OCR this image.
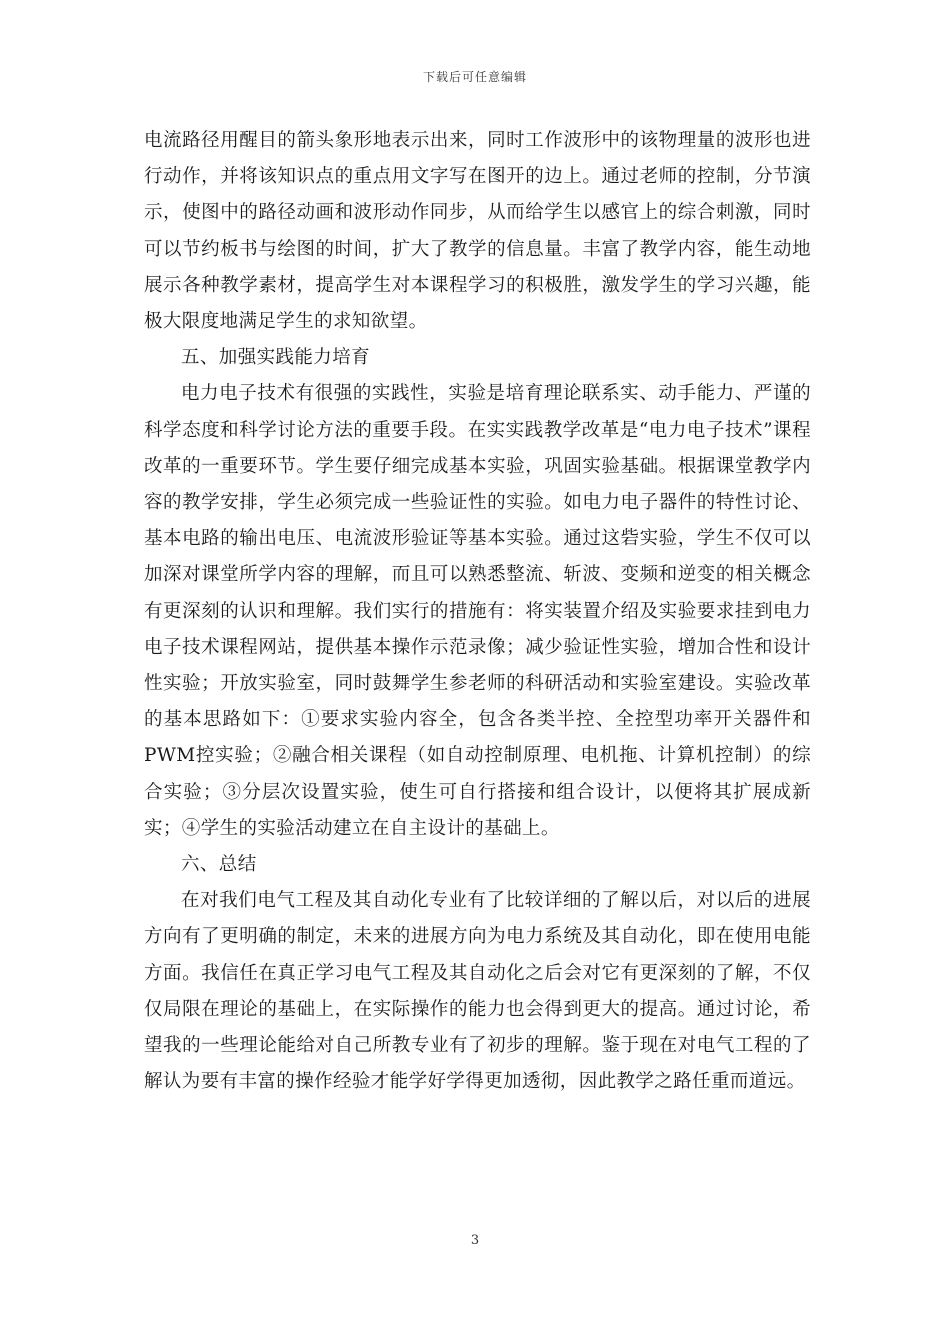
下载后可任意编辑

电流路径用醒目的箭头象形地表示出来，同时工作波形中的该物理量的波形也进行动作，并将该知识点的重点用文字写在图开的边上。通过老师的控制，分节演示，使图中的路径动画和波形动作同步，从而给学生以感官上的综合刺激，同时可以节约板书与绘图的时间，扩大了教学的信息量。丰富了教学内容，能生动地展示各种教学素材，提高学生对本课程学习的积极胜，激发学生的学习兴趣，能极大限度地满足学生的求知欲望。

五、加强实践能力培育

电力电子技术有很强的实践性，实验是培育理论联系实、动手能力、严谨的科学态度和科学讨论方法的重要手段。在实实践教学改革是“电力电子技术”课程改革的一重要环节。学生要仔细完成基本实验，巩固实验基础。根据课堂教学内容的教学安排，学生必须完成一些验证性的实验。如电力电子器件的特性讨论、基本电路的输出电压、电流波形验证等基本实验。通过这砦实验，学生不仅可以加深对课堂所学内容的理解，而且可以熟悉整流、斩波、变频和逆变的相关概念有更深刻的认识和理解。我们实行的措施有：将实装置介绍及实验要求挂到电力电子技术课程网站，提供基本操作示范录像；减少验证性实验，增加合性和设计性实验；开放实验室，同时鼓舞学生参老师的科研活动和实验室建设。实验改革的基本思路如下：①要求实验内容全，包含各类半控、全控型功率开关器件和PWM控实验；②融合相关课程（如自动控制原理、电机拖、计算机控制）的综合实验；③分层次设置实验，使生可自行搭接和组合设计，以便将其扩展成新实；④学生的实验活动建立在自主设计的基础上。

六、总结

在对我们电气工程及其自动化专业有了比较详细的了解以后，对以后的进展方向有了更明确的制定，未来的进展方向为电力系统及其自动化，即在使用电能方面。我信任在真正学习电气工程及其自动化之后会对它有更深刻的了解，不仅仅局限在理论的基础上，在实际操作的能力也会得到更大的提高。通过讨论，希望我的一些理论能给对自己所教专业有了初步的理解。鉴于现在对电气工程的了解认为要有丰富的操作经验才能学好学得更加透彻，因此教学之路任重而道远。

3
